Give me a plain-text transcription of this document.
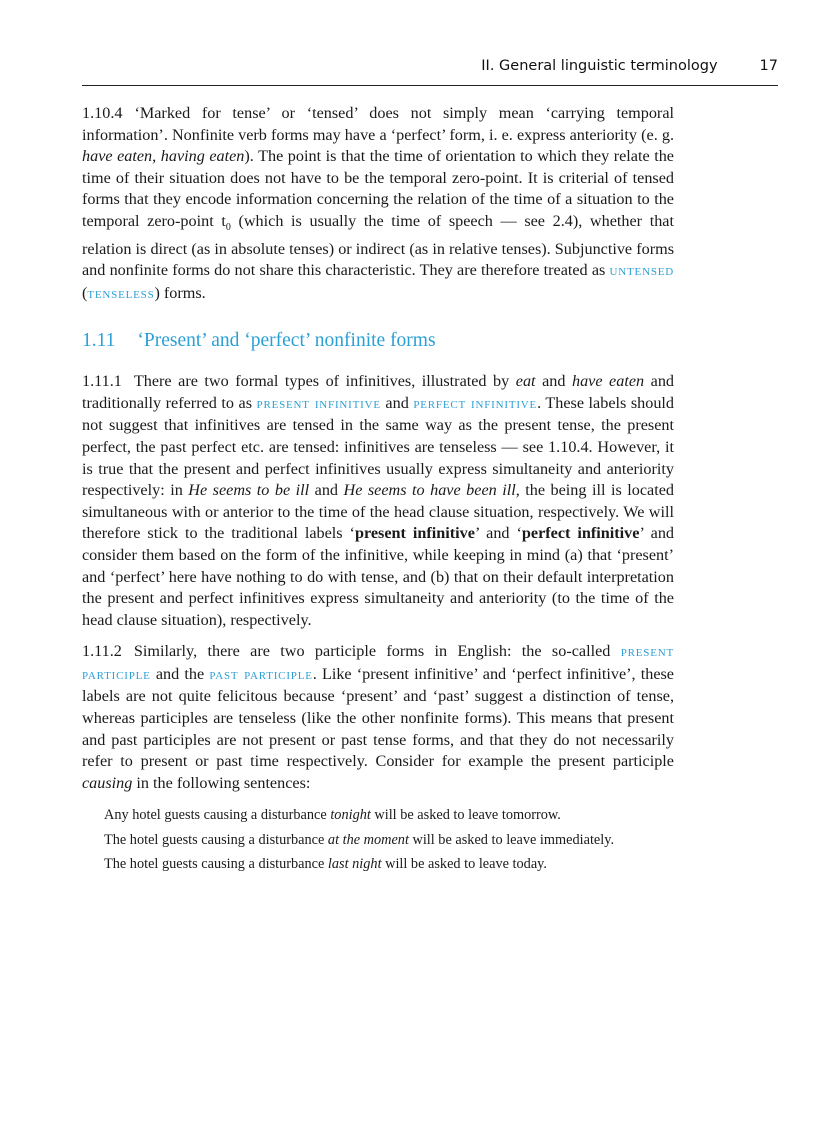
II. General linguistic terminology	17

1.10.4 ‘Marked for tense’ or ‘tensed’ does not simply mean ‘carrying temporal information’. Nonfinite verb forms may have a ‘perfect’ form, i. e. express anteriority (e. g. have eaten, having eaten). The point is that the time of orientation to which they relate the time of their situation does not have to be the temporal zero-point. It is criterial of tensed forms that they encode information concerning the relation of the time of a situation to the temporal zero-point $t_0$ (which is usually the time of speech — see 2.4), whether that relation is direct (as in absolute tenses) or indirect (as in relative tenses). Subjunctive forms and nonfinite forms do not share this characteristic. They are therefore treated as untensed (tenseless) forms.

1.11 ‘Present’ and ‘perfect’ nonfinite forms

1.11.1 There are two formal types of infinitives, illustrated by eat and have eaten and traditionally referred to as present infinitive and perfect infinitive. These labels should not suggest that infinitives are tensed in the same way as the present tense, the present perfect, the past perfect etc. are tensed: infinitives are tenseless — see 1.10.4. However, it is true that the present and perfect infinitives usually express simultaneity and anteriority respectively: in He seems to be ill and He seems to have been ill, the being ill is located simultaneous with or anterior to the time of the head clause situation, respectively. We will therefore stick to the traditional labels ‘present infinitive’ and ‘perfect infinitive’ and consider them based on the form of the infinitive, while keeping in mind (a) that ‘present’ and ‘perfect’ here have nothing to do with tense, and (b) that on their default interpretation the present and perfect infinitives express simultaneity and anteriority (to the time of the head clause situation), respectively.

1.11.2 Similarly, there are two participle forms in English: the so-called present participle and the past participle. Like ‘present infinitive’ and ‘perfect infinitive’, these labels are not quite felicitous because ‘present’ and ‘past’ suggest a distinction of tense, whereas participles are tenseless (like the other nonfinite forms). This means that present and past participles are not present or past tense forms, and that they do not necessarily refer to present or past time respectively. Consider for example the present participle causing in the following sentences:

Any hotel guests causing a disturbance tonight will be asked to leave tomorrow.

The hotel guests causing a disturbance at the moment will be asked to leave immediately.

The hotel guests causing a disturbance last night will be asked to leave today.
